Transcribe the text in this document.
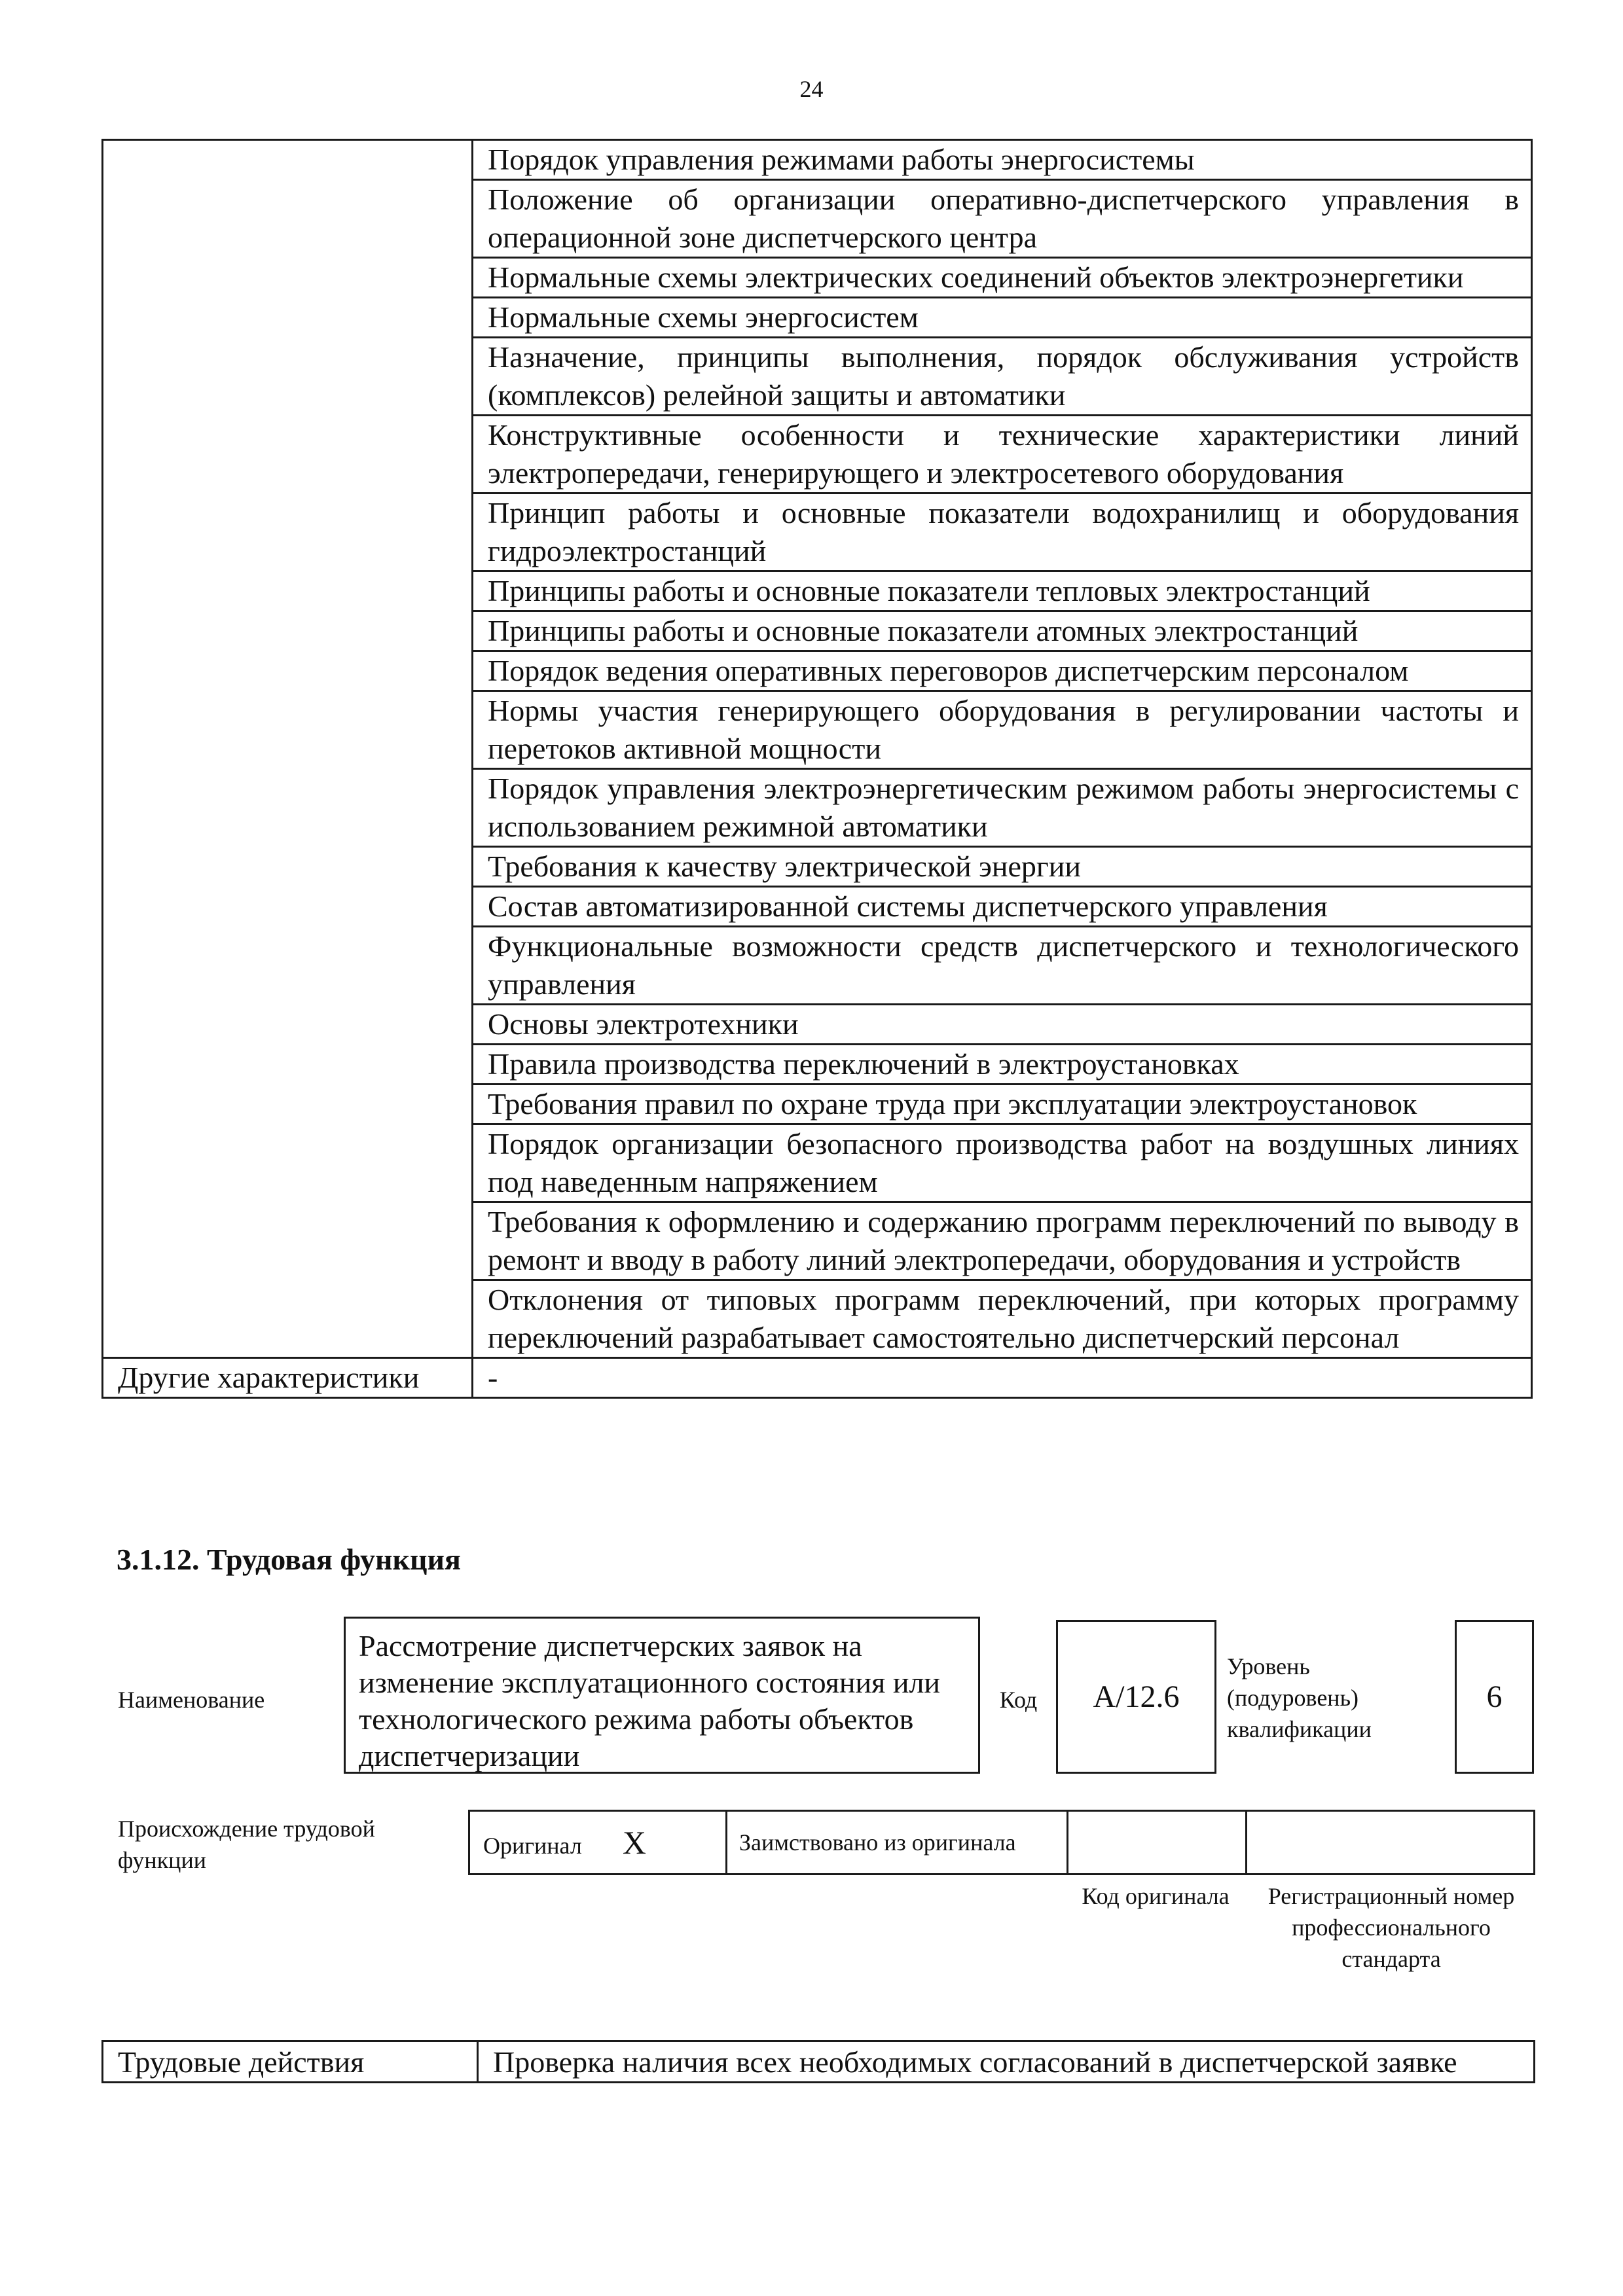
24
	Порядок управления режимами работы энергосистемы
	Положение об организации оперативно-диспетчерского управления в операционной зоне диспетчерского центра
	Нормальные схемы электрических соединений объектов электроэнергетики
	Нормальные схемы энергосистем
	Назначение, принципы выполнения, порядок обслуживания устройств (комплексов) релейной защиты и автоматики
	Конструктивные особенности и технические характеристики линий электропередачи, генерирующего и электросетевого оборудования
	Принцип работы и основные показатели водохранилищ и оборудования гидроэлектростанций
	Принципы работы и основные показатели тепловых электростанций
	Принципы работы и основные показатели атомных электростанций
	Порядок ведения оперативных переговоров диспетчерским персоналом
	Нормы участия генерирующего оборудования в регулировании частоты и перетоков активной мощности
	Порядок управления электроэнергетическим режимом работы энергосистемы с использованием режимной автоматики
	Требования к качеству электрической энергии
	Состав автоматизированной системы диспетчерского управления
	Функциональные возможности средств диспетчерского и технологического управления
	Основы электротехники
	Правила производства переключений в электроустановках
	Требования правил по охране труда при эксплуатации электроустановок
	Порядок организации безопасного производства работ на воздушных линиях под наведенным напряжением
	Требования к оформлению и содержанию программ переключений по выводу в ремонт и вводу в работу линий электропередачи, оборудования и устройств
	Отклонения от типовых программ переключений, при которых программу переключений разрабатывает самостоятельно диспетчерский персонал
Другие характеристики	-
3.1.12. Трудовая функция
Наименование
Рассмотрение диспетчерских заявок на изменение эксплуатационного состояния или технологического режима работы объектов диспетчеризации
Код	A/12.6
Уровень (подуровень) квалификации
6
Происхождение трудовой функции
Оригинал X	Заимствовано из оригинала		
Код оригинала	Регистрационный номер профессионального стандарта
Трудовые действия	Проверка наличия всех необходимых согласований в диспетчерской заявке
